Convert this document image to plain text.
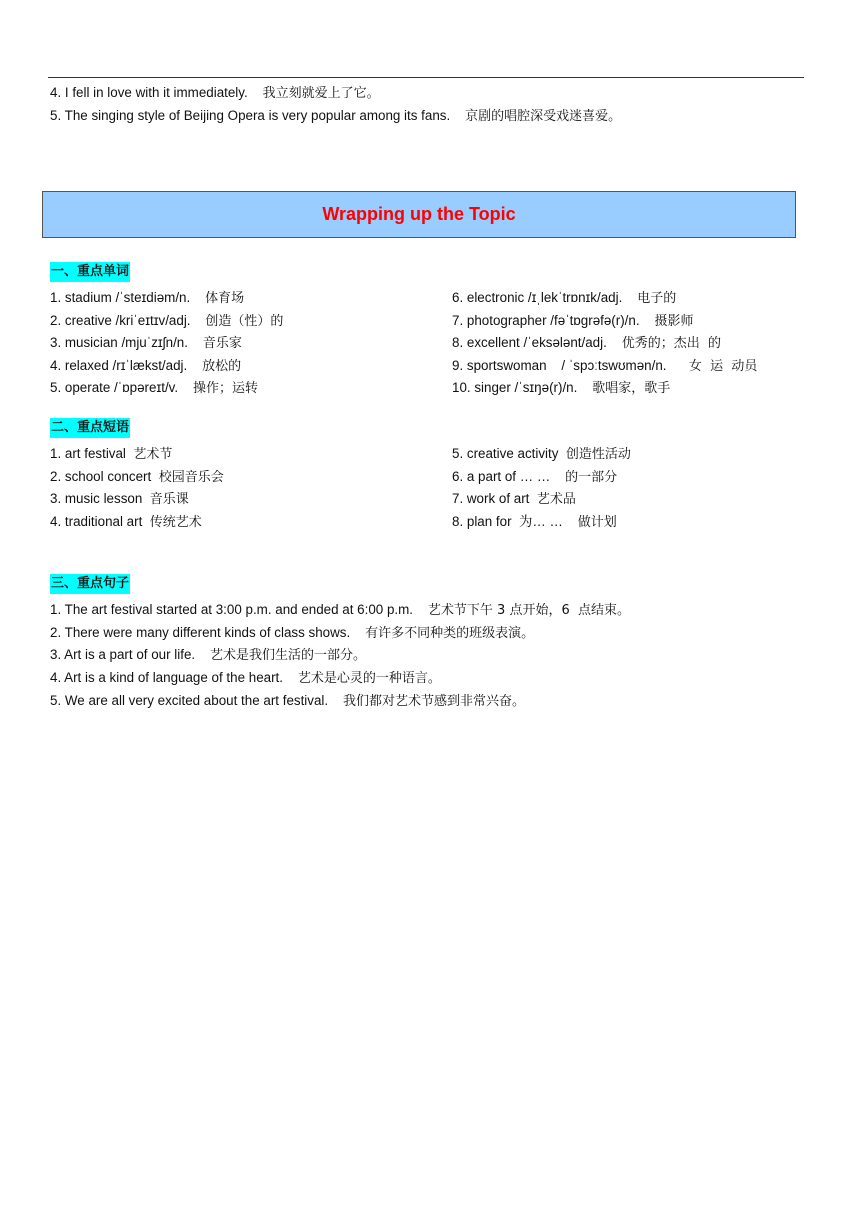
4. I fell in love with it immediately. 我立刻就爱上了它。
5. The singing style of Beijing Opera is very popular among its fans. 京剧的唱腔深受戏迷喜爱。
Wrapping up the Topic
一、重点单词
1. stadium /ˈsteɪdiəm/n. 体育场
2. creative /kriˈeɪtɪv/adj. 创造（性）的
3. musician /mjuˈzɪʃn/n. 音乐家
4. relaxed /rɪˈlækst/adj. 放松的
5. operate /ˈɒpəreɪt/v. 操作；运转
6. electronic /ɪˌlekˈtrɒnɪk/adj. 电子的
7. photographer /fəˈtɒɡrəfə(r)/n. 摄影师
8. excellent /ˈeksələnt/adj. 优秀的；杰出  的
9. sportswoman    / ˈspɔːtswʊmən/n. 女  运  动员
10. singer /ˈsɪŋə(r)/n. 歌唱家，歌手
二、重点短语
1. art festival 艺术节
2. school concert 校园音乐会
3. music lesson 音乐课
4. traditional art 传统艺术
5. creative activity 创造性活动
6. a part of … … 的一部分
7. work of art 艺术品
8. plan for  为… … 做计划
三、重点句子
1. The art festival started at 3:00 p.m. and ended at 6:00 p.m. 艺术节下午 3 点开始，6  点结束。
2. There were many different kinds of class shows. 有许多不同种类的班级表演。
3. Art is a part of our life. 艺术是我们生活的一部分。
4. Art is a kind of language of the heart. 艺术是心灵的一种语言。
5. We are all very excited about the art festival. 我们都对艺术节感到非常兴奋。
